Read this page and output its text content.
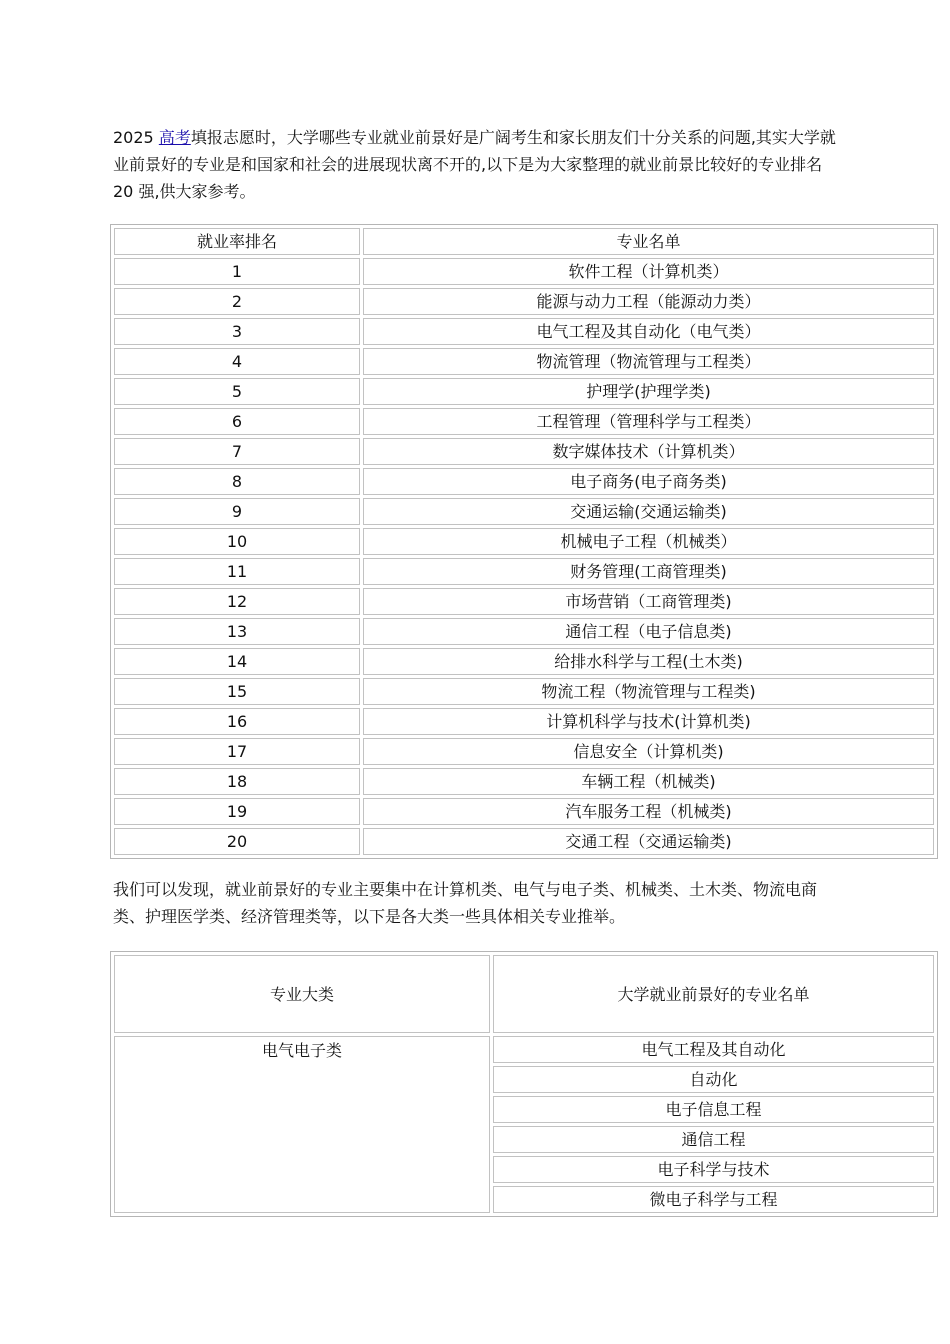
2025 高考填报志愿时，大学哪些专业就业前景好是广阔考生和家长朋友们十分关系的问题,其实大学就业前景好的专业是和国家和社会的进展现状离不开的,以下是为大家整理的就业前景比较好的专业排名 20 强,供大家参考。

就业率排名	专业名单
1	软件工程（计算机类）
2	能源与动力工程（能源动力类）
3	电气工程及其自动化（电气类）
4	物流管理（物流管理与工程类）
5	护理学(护理学类)
6	工程管理（管理科学与工程类）
7	数字媒体技术（计算机类）
8	电子商务(电子商务类)
9	交通运输(交通运输类)
10	机械电子工程（机械类）
11	财务管理(工商管理类)
12	市场营销（工商管理类)
13	通信工程（电子信息类)
14	给排水科学与工程(土木类)
15	物流工程（物流管理与工程类)
16	计算机科学与技术(计算机类)
17	信息安全（计算机类)
18	车辆工程（机械类)
19	汽车服务工程（机械类)
20	交通工程（交通运输类)

我们可以发现，就业前景好的专业主要集中在计算机类、电气与电子类、机械类、土木类、物流电商类、护理医学类、经济管理类等，以下是各大类一些具体相关专业推举。

专业大类	大学就业前景好的专业名单
电气电子类	电气工程及其自动化
	自动化
	电子信息工程
	通信工程
	电子科学与技术
	微电子科学与工程
